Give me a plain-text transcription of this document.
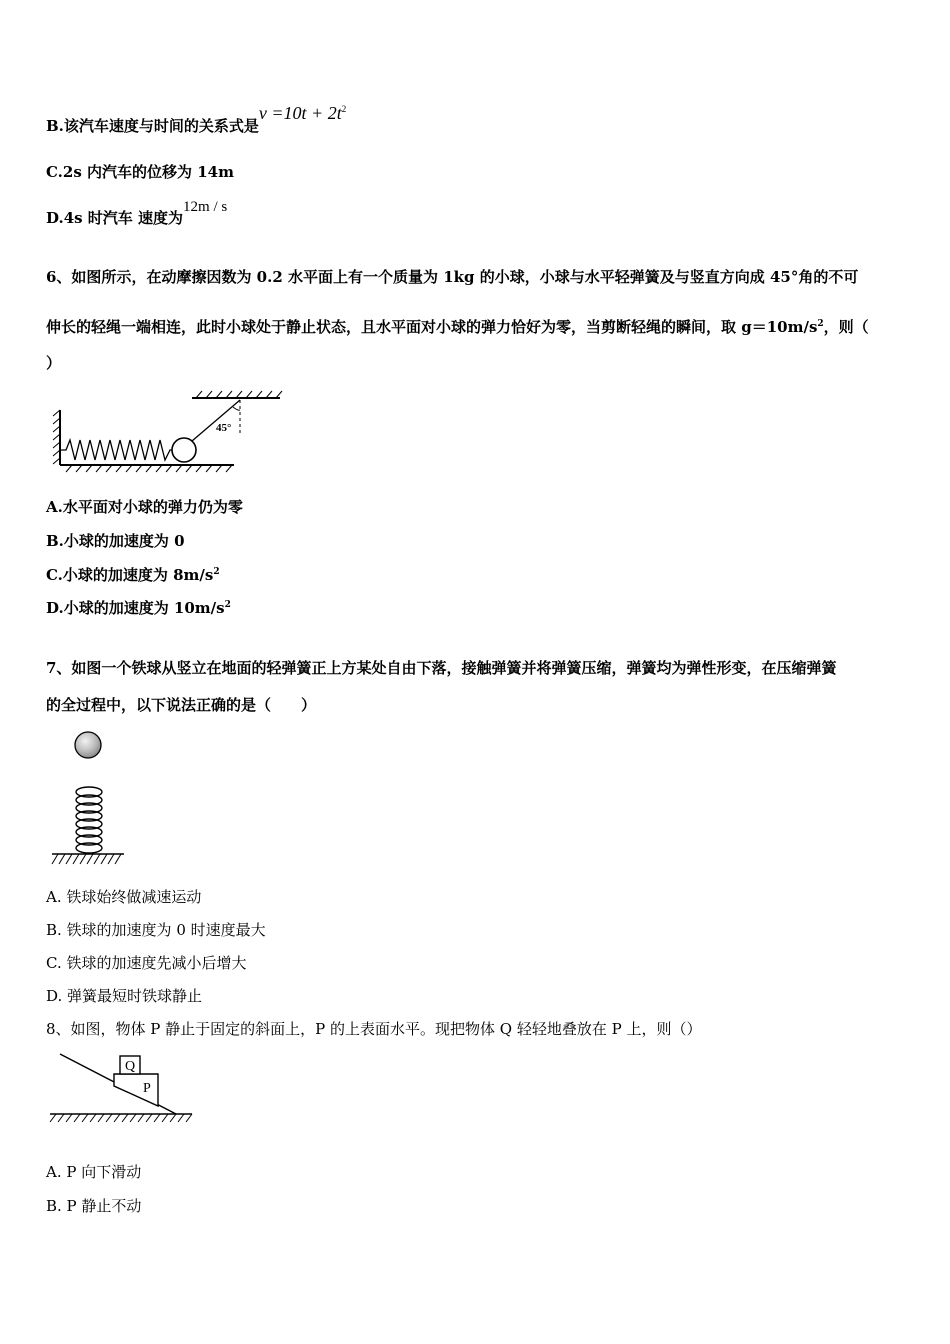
B.该汽车速度与时间的关系式是$v =10t + 2t^2$
C.2s 内汽车的位移为 14m
D.4s 时汽车 速度为12m / s
6、如图所示，在动摩擦因数为 0.2 水平面上有一个质量为 1kg 的小球，小球与水平轻弹簧及与竖直方向成 45°角的不可
伸长的轻绳一端相连，此时小球处于静止状态，且水平面对小球的弹力恰好为零，当剪断轻绳的瞬间，取 $g=10m/s^2$，则（
）
45°
A.水平面对小球的弹力仍为零
B.小球的加速度为 0
C.小球的加速度为 $8m/s^2$
D.小球的加速度为 $10m/s^2$
7、如图一个铁球从竖立在地面的轻弹簧正上方某处自由下落，接触弹簧并将弹簧压缩，弹簧均为弹性形变，在压缩弹簧
的全过程中，以下说法正确的是（　　）
A. 铁球始终做减速运动
B. 铁球的加速度为 0 时速度最大
C. 铁球的加速度先减小后增大
D. 弹簧最短时铁球静止
8、如图，物体 P 静止于固定的斜面上，P 的上表面水平。现把物体 Q 轻轻地叠放在 P 上，则（）
Q
P
A. P 向下滑动
B. P 静止不动
